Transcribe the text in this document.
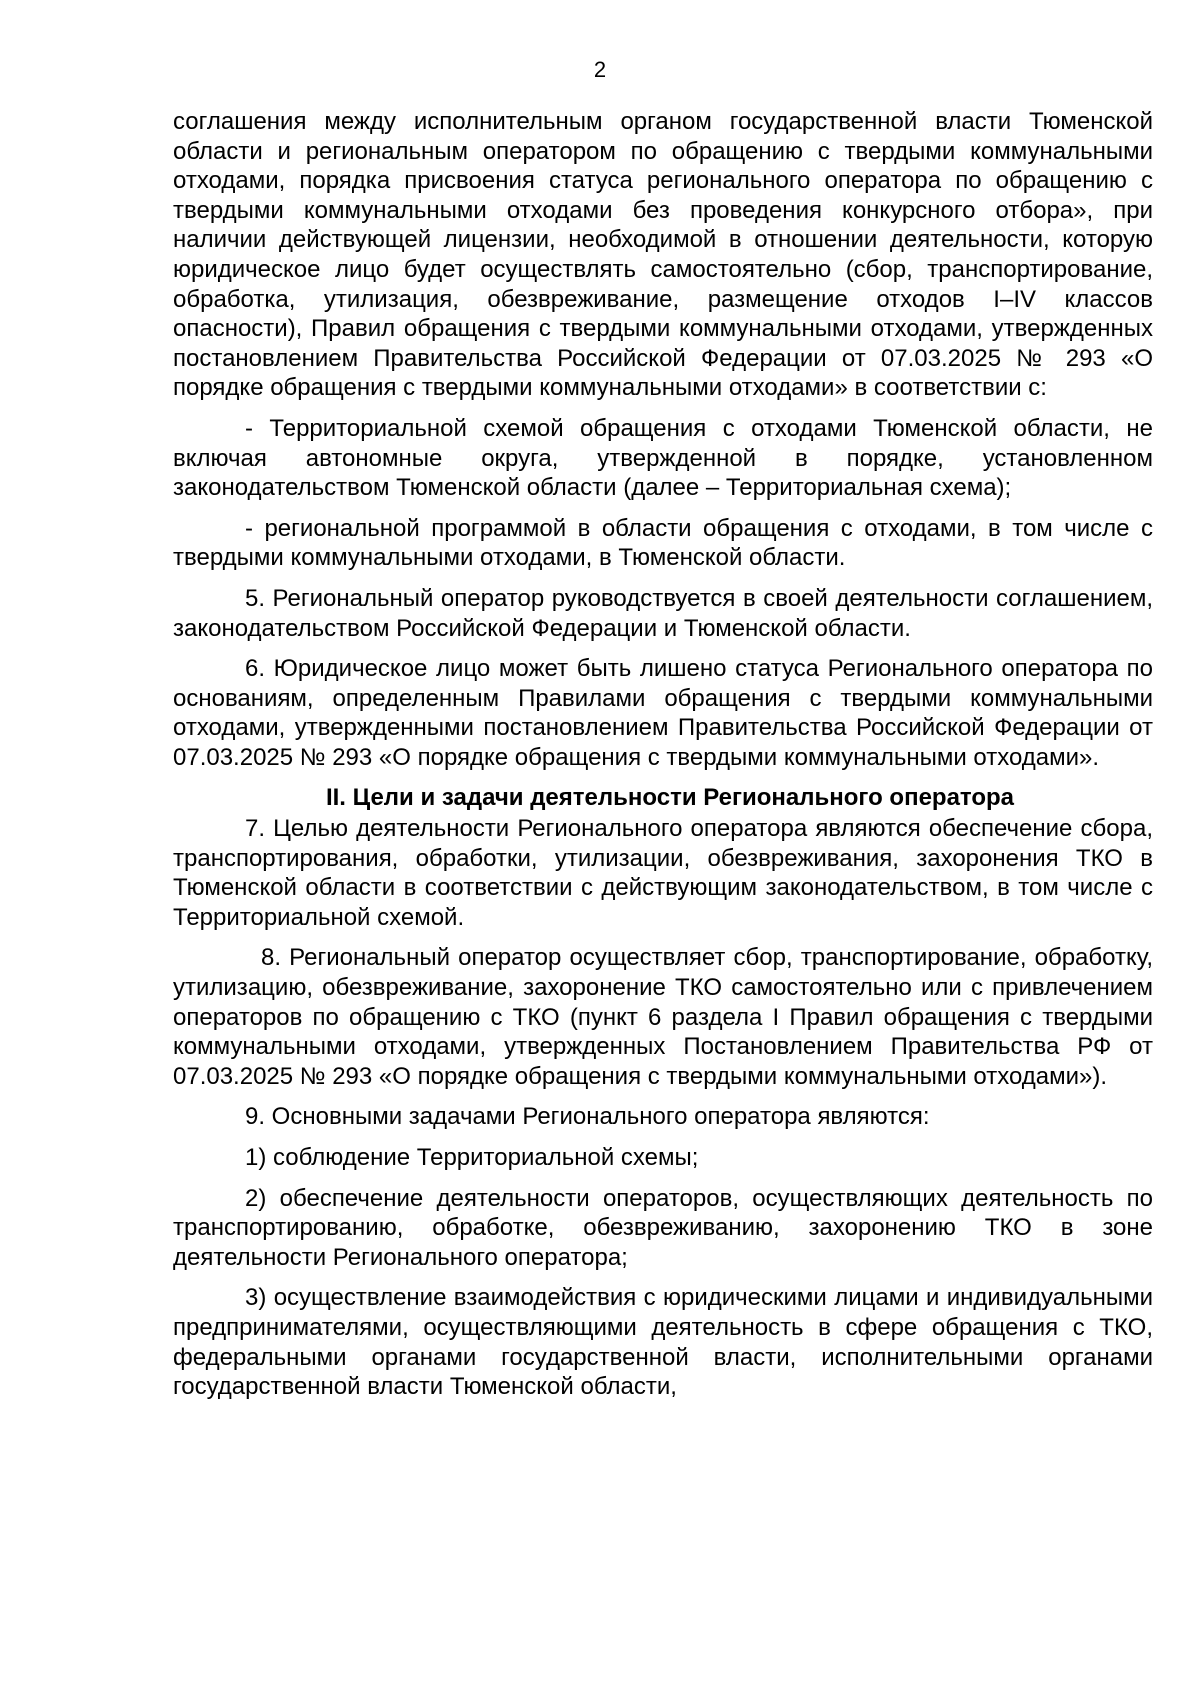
2

соглашения между исполнительным органом государственной власти Тюменской области и региональным оператором по обращению с твердыми коммунальными отходами, порядка присвоения статуса регионального оператора по обращению с твердыми коммунальными отходами без проведения конкурсного отбора», при наличии действующей лицензии, необходимой в отношении деятельности, которую юридическое лицо будет осуществлять самостоятельно (сбор, транспортирование, обработка, утилизация, обезвреживание, размещение отходов I–IV классов опасности), Правил обращения с твердыми коммунальными отходами, утвержденных постановлением Правительства Российской Федерации от 07.03.2025 № 293 «О порядке обращения с твердыми коммунальными отходами» в соответствии с:

- Территориальной схемой обращения с отходами Тюменской области, не включая автономные округа, утвержденной в порядке, установленном законодательством Тюменской области (далее – Территориальная схема);

- региональной программой в области обращения с отходами, в том числе с твердыми коммунальными отходами, в Тюменской области.

5. Региональный оператор руководствуется в своей деятельности соглашением, законодательством Российской Федерации и Тюменской области.

6. Юридическое лицо может быть лишено статуса Регионального оператора по основаниям, определенным Правилами обращения с твердыми коммунальными отходами, утвержденными постановлением Правительства Российской Федерации от 07.03.2025 № 293 «О порядке обращения с твердыми коммунальными отходами».

II. Цели и задачи деятельности Регионального оператора

7. Целью деятельности Регионального оператора являются обеспечение сбора, транспортирования, обработки, утилизации, обезвреживания, захоронения ТКО в Тюменской области в соответствии с действующим законодательством, в том числе с Территориальной схемой.

8. Региональный оператор осуществляет сбор, транспортирование, обработку, утилизацию, обезвреживание, захоронение ТКО самостоятельно или с привлечением операторов по обращению с ТКО (пункт 6 раздела I Правил обращения с твердыми коммунальными отходами, утвержденных Постановлением Правительства РФ от 07.03.2025 № 293 «О порядке обращения с твердыми коммунальными отходами»).

9. Основными задачами Регионального оператора являются:

1) соблюдение Территориальной схемы;

2) обеспечение деятельности операторов, осуществляющих деятельность по транспортированию, обработке, обезвреживанию, захоронению ТКО в зоне деятельности Регионального оператора;

3) осуществление взаимодействия с юридическими лицами и индивидуальными предпринимателями, осуществляющими деятельность в сфере обращения с ТКО, федеральными органами государственной власти, исполнительными органами государственной власти Тюменской области,
